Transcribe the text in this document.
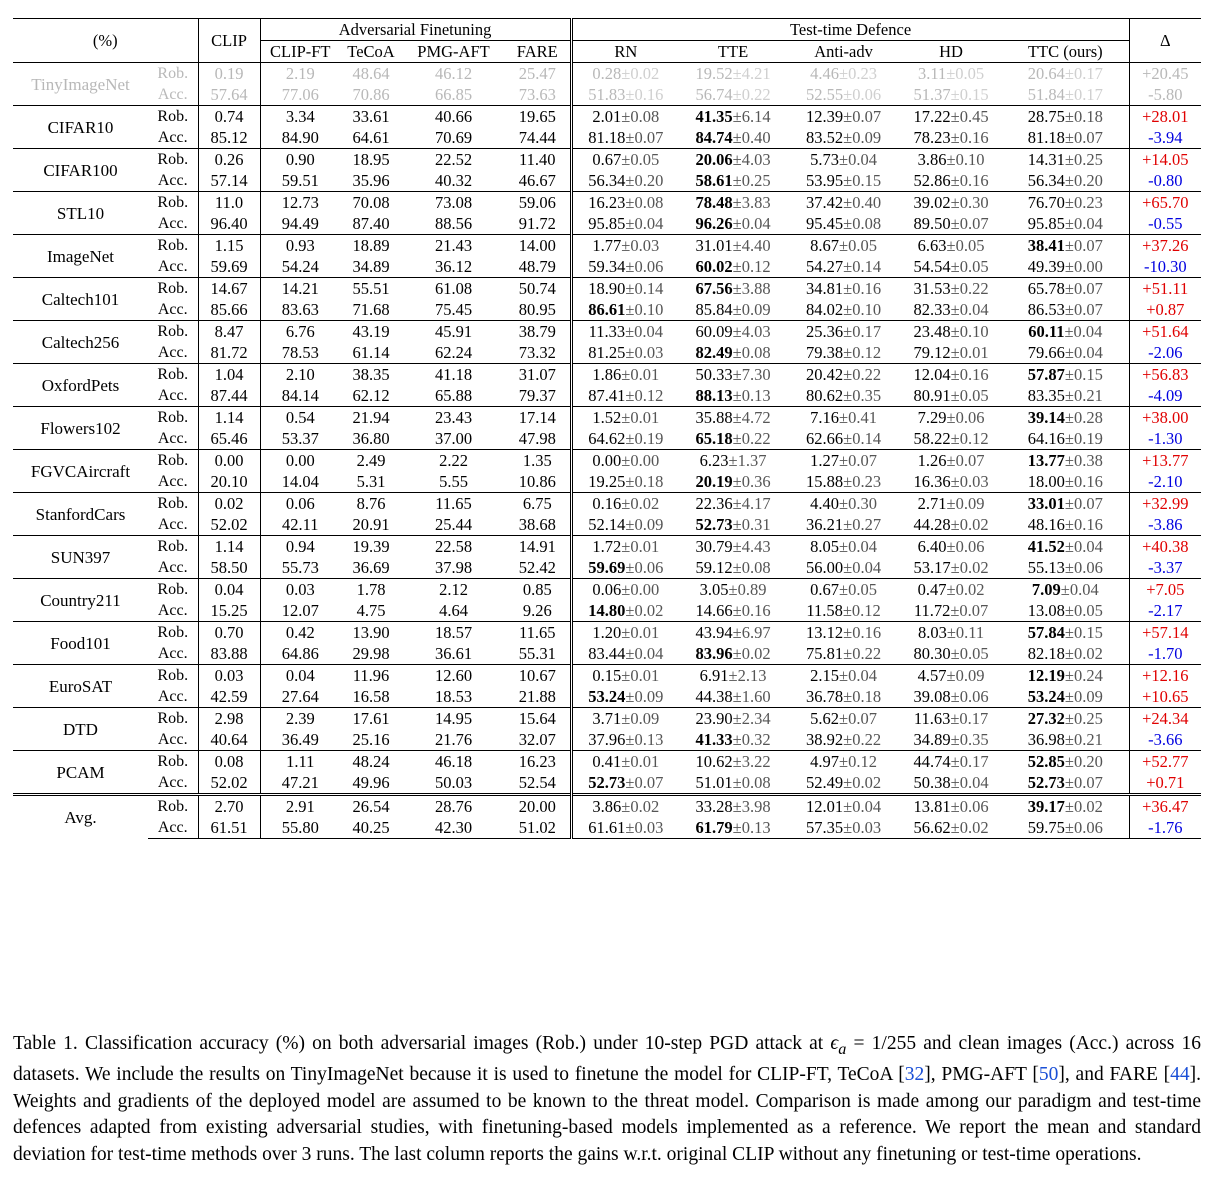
(%)		CLIP	Adversarial Finetuning				Test-time Defence					Δ
			CLIP-FT	TeCoA	PMG-AFT	FARE	RN	TTE	Anti-adv	HD	TTC (ours)	
TinyImageNet	Rob.	0.19	2.19	48.64	46.12	25.47	0.28±0.02	19.52±4.21	4.46±0.23	3.11±0.05	20.64±0.17	+20.45
	Acc.	57.64	77.06	70.86	66.85	73.63	51.83±0.16	56.74±0.22	52.55±0.06	51.37±0.15	51.84±0.17	-5.80
CIFAR10	Rob.	0.74	3.34	33.61	40.66	19.65	2.01±0.08	41.35±6.14	12.39±0.07	17.22±0.45	28.75±0.18	+28.01
	Acc.	85.12	84.90	64.61	70.69	74.44	81.18±0.07	84.74±0.40	83.52±0.09	78.23±0.16	81.18±0.07	-3.94
CIFAR100	Rob.	0.26	0.90	18.95	22.52	11.40	0.67±0.05	20.06±4.03	5.73±0.04	3.86±0.10	14.31±0.25	+14.05
	Acc.	57.14	59.51	35.96	40.32	46.67	56.34±0.20	58.61±0.25	53.95±0.15	52.86±0.16	56.34±0.20	-0.80
STL10	Rob.	11.0	12.73	70.08	73.08	59.06	16.23±0.08	78.48±3.83	37.42±0.40	39.02±0.30	76.70±0.23	+65.70
	Acc.	96.40	94.49	87.40	88.56	91.72	95.85±0.04	96.26±0.04	95.45±0.08	89.50±0.07	95.85±0.04	-0.55
ImageNet	Rob.	1.15	0.93	18.89	21.43	14.00	1.77±0.03	31.01±4.40	8.67±0.05	6.63±0.05	38.41±0.07	+37.26
	Acc.	59.69	54.24	34.89	36.12	48.79	59.34±0.06	60.02±0.12	54.27±0.14	54.54±0.05	49.39±0.00	-10.30
Caltech101	Rob.	14.67	14.21	55.51	61.08	50.74	18.90±0.14	67.56±3.88	34.81±0.16	31.53±0.22	65.78±0.07	+51.11
	Acc.	85.66	83.63	71.68	75.45	80.95	86.61±0.10	85.84±0.09	84.02±0.10	82.33±0.04	86.53±0.07	+0.87
Caltech256	Rob.	8.47	6.76	43.19	45.91	38.79	11.33±0.04	60.09±4.03	25.36±0.17	23.48±0.10	60.11±0.04	+51.64
	Acc.	81.72	78.53	61.14	62.24	73.32	81.25±0.03	82.49±0.08	79.38±0.12	79.12±0.01	79.66±0.04	-2.06
OxfordPets	Rob.	1.04	2.10	38.35	41.18	31.07	1.86±0.01	50.33±7.30	20.42±0.22	12.04±0.16	57.87±0.15	+56.83
	Acc.	87.44	84.14	62.12	65.88	79.37	87.41±0.12	88.13±0.13	80.62±0.35	80.91±0.05	83.35±0.21	-4.09
Flowers102	Rob.	1.14	0.54	21.94	23.43	17.14	1.52±0.01	35.88±4.72	7.16±0.41	7.29±0.06	39.14±0.28	+38.00
	Acc.	65.46	53.37	36.80	37.00	47.98	64.62±0.19	65.18±0.22	62.66±0.14	58.22±0.12	64.16±0.19	-1.30
FGVCAircraft	Rob.	0.00	0.00	2.49	2.22	1.35	0.00±0.00	6.23±1.37	1.27±0.07	1.26±0.07	13.77±0.38	+13.77
	Acc.	20.10	14.04	5.31	5.55	10.86	19.25±0.18	20.19±0.36	15.88±0.23	16.36±0.03	18.00±0.16	-2.10
StanfordCars	Rob.	0.02	0.06	8.76	11.65	6.75	0.16±0.02	22.36±4.17	4.40±0.30	2.71±0.09	33.01±0.07	+32.99
	Acc.	52.02	42.11	20.91	25.44	38.68	52.14±0.09	52.73±0.31	36.21±0.27	44.28±0.02	48.16±0.16	-3.86
SUN397	Rob.	1.14	0.94	19.39	22.58	14.91	1.72±0.01	30.79±4.43	8.05±0.04	6.40±0.06	41.52±0.04	+40.38
	Acc.	58.50	55.73	36.69	37.98	52.42	59.69±0.06	59.12±0.08	56.00±0.04	53.17±0.02	55.13±0.06	-3.37
Country211	Rob.	0.04	0.03	1.78	2.12	0.85	0.06±0.00	3.05±0.89	0.67±0.05	0.47±0.02	7.09±0.04	+7.05
	Acc.	15.25	12.07	4.75	4.64	9.26	14.80±0.02	14.66±0.16	11.58±0.12	11.72±0.07	13.08±0.05	-2.17
Food101	Rob.	0.70	0.42	13.90	18.57	11.65	1.20±0.01	43.94±6.97	13.12±0.16	8.03±0.11	57.84±0.15	+57.14
	Acc.	83.88	64.86	29.98	36.61	55.31	83.44±0.04	83.96±0.02	75.81±0.22	80.30±0.05	82.18±0.02	-1.70
EuroSAT	Rob.	0.03	0.04	11.96	12.60	10.67	0.15±0.01	6.91±2.13	2.15±0.04	4.57±0.09	12.19±0.24	+12.16
	Acc.	42.59	27.64	16.58	18.53	21.88	53.24±0.09	44.38±1.60	36.78±0.18	39.08±0.06	53.24±0.09	+10.65
DTD	Rob.	2.98	2.39	17.61	14.95	15.64	3.71±0.09	23.90±2.34	5.62±0.07	11.63±0.17	27.32±0.25	+24.34
	Acc.	40.64	36.49	25.16	21.76	32.07	37.96±0.13	41.33±0.32	38.92±0.22	34.89±0.35	36.98±0.21	-3.66
PCAM	Rob.	0.08	1.11	48.24	46.18	16.23	0.41±0.01	10.62±3.22	4.97±0.12	44.74±0.17	52.85±0.20	+52.77
	Acc.	52.02	47.21	49.96	50.03	52.54	52.73±0.07	51.01±0.08	52.49±0.02	50.38±0.04	52.73±0.07	+0.71
Avg.	Rob.	2.70	2.91	26.54	28.76	20.00	3.86±0.02	33.28±3.98	12.01±0.04	13.81±0.06	39.17±0.02	+36.47
	Acc.	61.51	55.80	40.25	42.30	51.02	61.61±0.03	61.79±0.13	57.35±0.03	56.62±0.02	59.75±0.06	-1.76
Table 1. Classification accuracy (%) on both adversarial images (Rob.) under 10-step PGD attack at $\epsilon_a = 1/255$ and clean images (Acc.) across 16 datasets. We include the results on TinyImageNet because it is used to finetune the model for CLIP-FT, TeCoA [32], PMG-AFT [50], and FARE [44]. Weights and gradients of the deployed model are assumed to be known to the threat model. Comparison is made among our paradigm and test-time defences adapted from existing adversarial studies, with finetuning-based models implemented as a reference. We report the mean and standard deviation for test-time methods over 3 runs. The last column reports the gains w.r.t. original CLIP without any finetuning or test-time operations.
